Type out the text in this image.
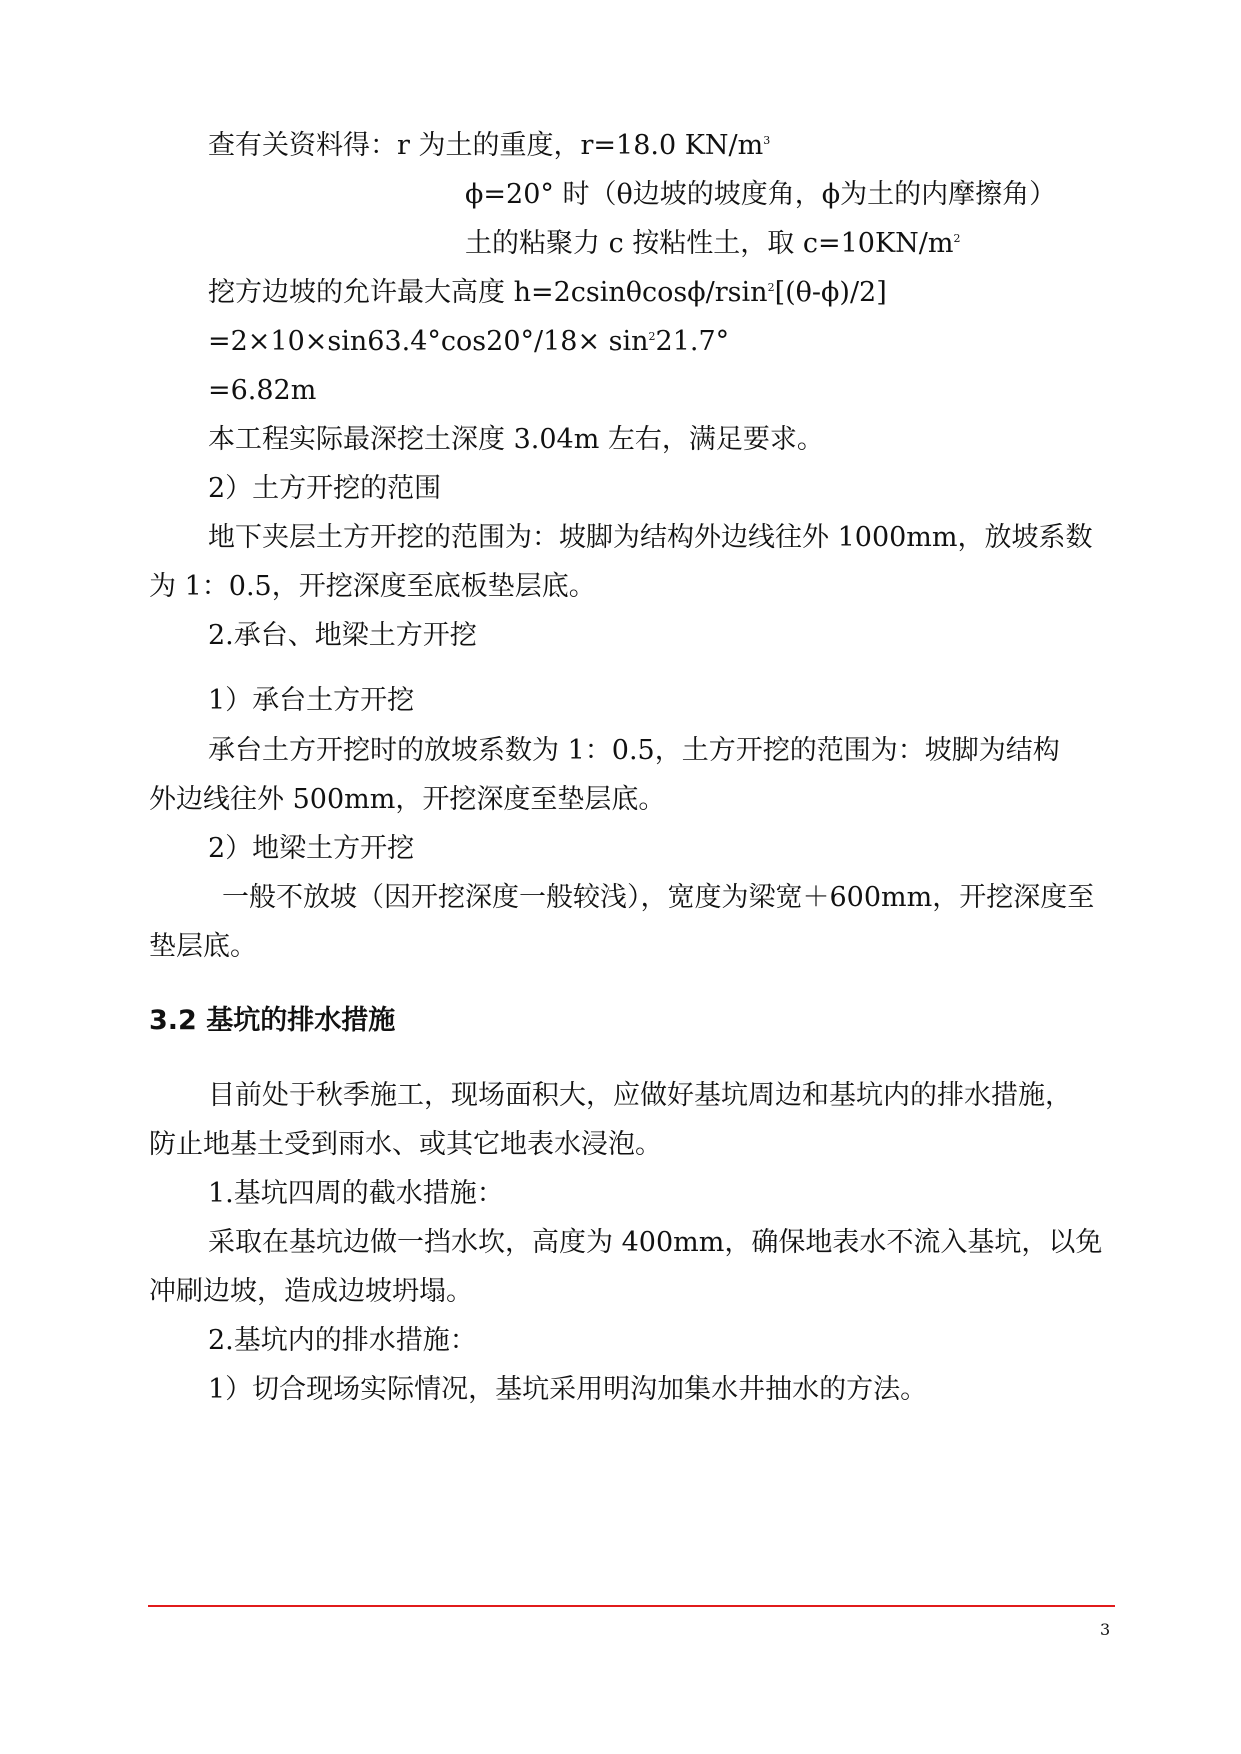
查有关资料得：r 为土的重度，r=18.0 $KN/m^3$
ϕ=20° 时（θ边坡的坡度角，ϕ为土的内摩擦角）
土的粘聚力 c 按粘性土，取 $c=10KN/m^2$
挖方边坡的允许最大高度 h=2csinθcosϕ/rsin$^2$[(θ-ϕ)/2]
$=2\times 10\times\sin 63.4^\circ\cos 20^\circ/18\times \sin^221.7^\circ$
=6.82m
本工程实际最深挖土深度 3.04m 左右，满足要求。
2）土方开挖的范围
地下夹层土方开挖的范围为：坡脚为结构外边线往外 1000mm，放坡系数
为 1：0.5，开挖深度至底板垫层底。
2.承台、地梁土方开挖
1）承台土方开挖
承台土方开挖时的放坡系数为 1：0.5，土方开挖的范围为：坡脚为结构
外边线往外 500mm，开挖深度至垫层底。
2）地梁土方开挖
一般不放坡（因开挖深度一般较浅），宽度为梁宽＋600mm，开挖深度至
垫层底。
3.2 基坑的排水措施
目前处于秋季施工，现场面积大，应做好基坑周边和基坑内的排水措施，
防止地基土受到雨水、或其它地表水浸泡。
1.基坑四周的截水措施：
采取在基坑边做一挡水坎，高度为 400mm，确保地表水不流入基坑，以免
冲刷边坡，造成边坡坍塌。
2.基坑内的排水措施：
1）切合现场实际情况，基坑采用明沟加集水井抽水的方法。
3
